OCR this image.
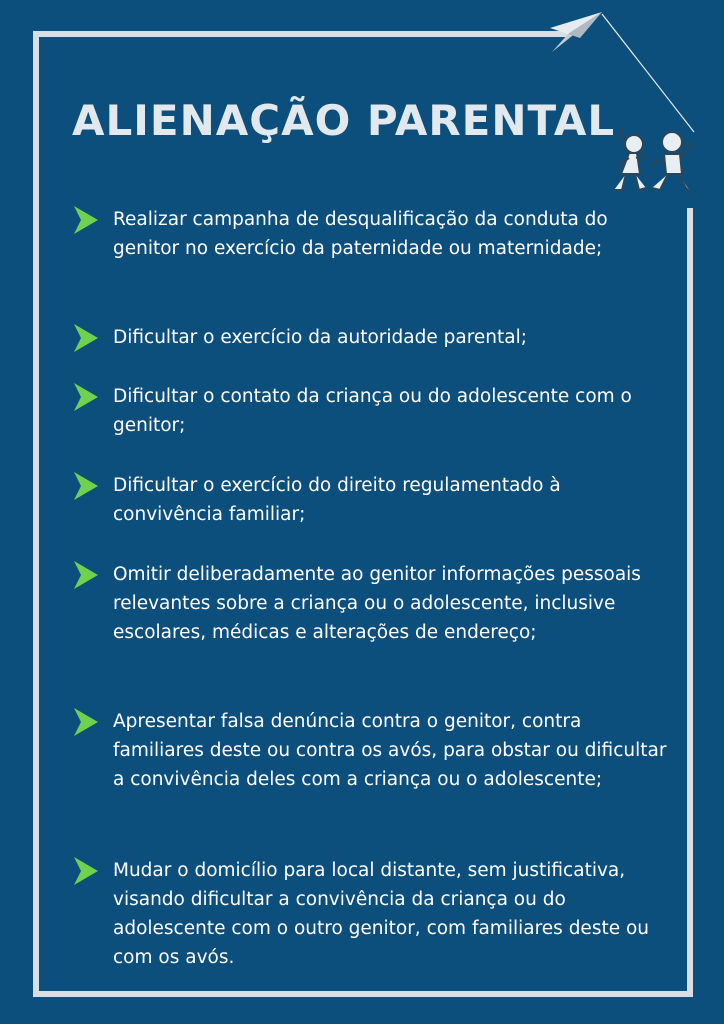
ALIENAÇÃO PARENTAL
Realizar campanha de desqualificação da conduta do genitor no exercício da paternidade ou maternidade;
Dificultar o exercício da autoridade parental;
Dificultar o contato da criança ou do adolescente com o genitor;
Dificultar o exercício do direito regulamentado à convivência familiar;
Omitir deliberadamente ao genitor informações pessoais relevantes sobre a criança ou o adolescente, inclusive escolares, médicas e alterações de endereço;
Apresentar falsa denúncia contra o genitor, contra familiares deste ou contra os avós, para obstar ou dificultar a convivência deles com a criança ou o adolescente;
Mudar o domicílio para local distante, sem justificativa, visando dificultar a convivência da criança ou do adolescente com o outro genitor, com familiares deste ou com os avós.
